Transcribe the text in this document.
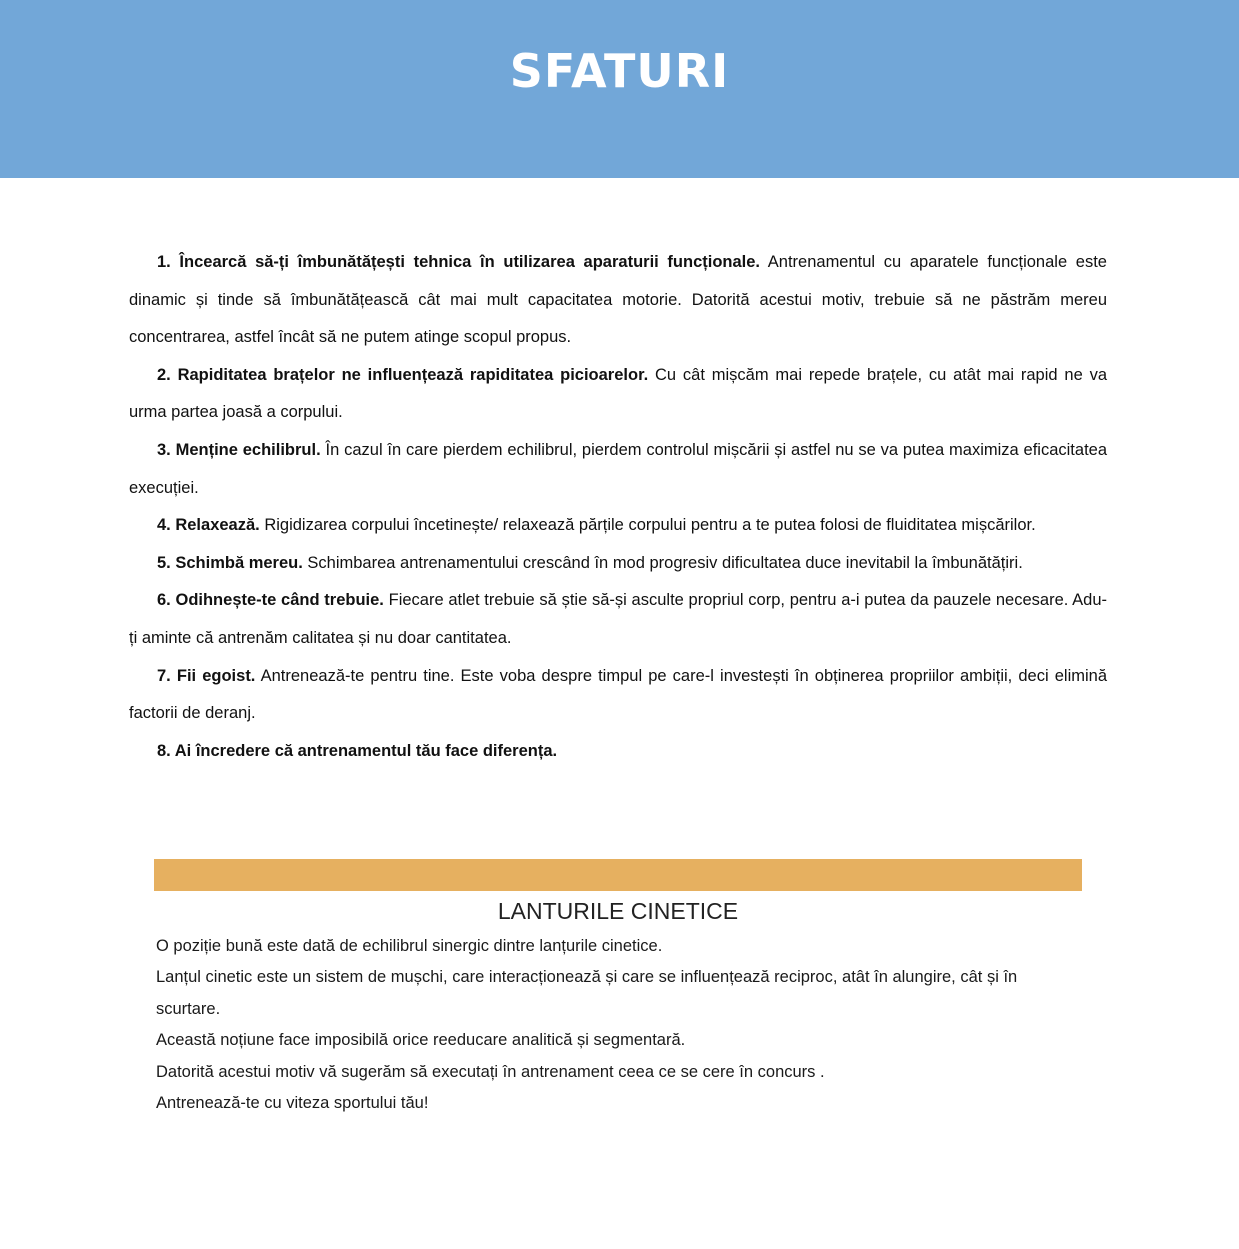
SFATURI

1. Încearcă să-ți îmbunătățești tehnica în utilizarea aparaturii funcționale. Antrenamentul cu aparatele funcționale este dinamic și tinde să îmbunătățească cât mai mult capacitatea motorie. Datorită acestui motiv, trebuie să ne păstrăm mereu concentrarea, astfel încât să ne putem atinge scopul propus.

2. Rapiditatea brațelor ne influențează rapiditatea picioarelor. Cu cât mișcăm mai repede brațele, cu atât mai rapid ne va urma partea joasă a corpului.

3. Menține echilibrul. În cazul în care pierdem echilibrul, pierdem controlul mișcării și astfel nu se va putea maximiza eficacitatea execuției.

4. Relaxează. Rigidizarea corpului încetinește/ relaxează părțile corpului pentru a te putea folosi de fluiditatea mișcărilor.

5. Schimbă mereu. Schimbarea antrenamentului crescând în mod progresiv dificultatea duce inevitabil la îmbunătățiri.

6. Odihnește-te când trebuie. Fiecare atlet trebuie să știe să-și asculte propriul corp, pentru a-i putea da pauzele necesare. Adu-ți aminte că antrenăm calitatea și nu doar cantitatea.

7. Fii egoist. Antrenează-te pentru tine. Este voba despre timpul pe care-l investești în obținerea propriilor ambiții, deci elimină factorii de deranj.

8. Ai încredere că antrenamentul tău face diferența.

LANTURILE CINETICE

O poziție bună este dată de echilibrul sinergic dintre lanțurile cinetice.

Lanțul cinetic este un sistem de mușchi, care interacționează și care se influențează reciproc, atât în alungire, cât și în scurtare.

Această noțiune face imposibilă orice reeducare analitică și segmentară.

Datorită acestui motiv vă sugerăm să executați în antrenament ceea ce se cere în concurs .

Antrenează-te cu viteza sportului tău!
